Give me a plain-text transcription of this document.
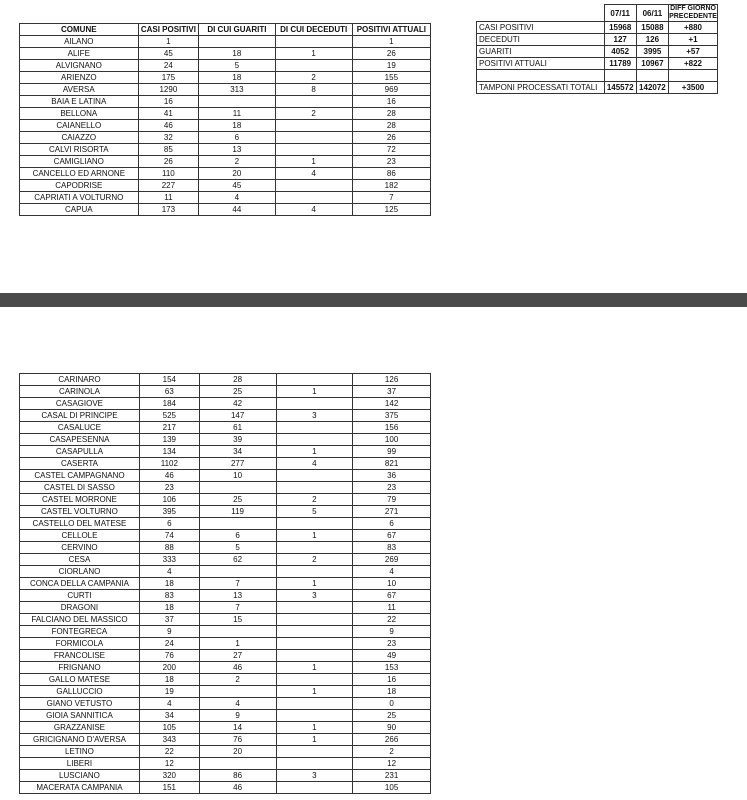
COMUNE	CASI POSITIVI	DI CUI GUARITI	DI CUI DECEDUTI	POSITIVI ATTUALI
AILANO	1			1
ALIFE	45	18	1	26
ALVIGNANO	24	5		19
ARIENZO	175	18	2	155
AVERSA	1290	313	8	969
BAIA E LATINA	16			16
BELLONA	41	11	2	28
CAIANELLO	46	18		28
CAIAZZO	32	6		26
CALVI RISORTA	85	13		72
CAMIGLIANO	26	2	1	23
CANCELLO ED ARNONE	110	20	4	86
CAPODRISE	227	45		182
CAPRIATI A VOLTURNO	11	4		7
CAPUA	173	44	4	125
	07/11	06/11	DIFF GIORNO PRECEDENTE
CASI POSITIVI	15968	15088	+880
DECEDUTI	127	126	+1
GUARITI	4052	3995	+57
POSITIVI ATTUALI	11789	10967	+822

TAMPONI PROCESSATI TOTALI	145572	142072	+3500
CARINARO	154	28		126
CARINOLA	63	25	1	37
CASAGIOVE	184	42		142
CASAL DI PRINCIPE	525	147	3	375
CASALUCE	217	61		156
CASAPESENNA	139	39		100
CASAPULLA	134	34	1	99
CASERTA	1102	277	4	821
CASTEL CAMPAGNANO	46	10		36
CASTEL DI SASSO	23			23
CASTEL MORRONE	106	25	2	79
CASTEL VOLTURNO	395	119	5	271
CASTELLO DEL MATESE	6			6
CELLOLE	74	6	1	67
CERVINO	88	5		83
CESA	333	62	2	269
CIORLANO	4			4
CONCA DELLA CAMPANIA	18	7	1	10
CURTI	83	13	3	67
DRAGONI	18	7		11
FALCIANO DEL MASSICO	37	15		22
FONTEGRECA	9			9
FORMICOLA	24	1		23
FRANCOLISE	76	27		49
FRIGNANO	200	46	1	153
GALLO MATESE	18	2		16
GALLUCCIO	19		1	18
GIANO VETUSTO	4	4		0
GIOIA SANNITICA	34	9		25
GRAZZANISE	105	14	1	90
GRICIGNANO D'AVERSA	343	76	1	266
LETINO	22	20		2
LIBERI	12			12
LUSCIANO	320	86	3	231
MACERATA CAMPANIA	151	46		105
